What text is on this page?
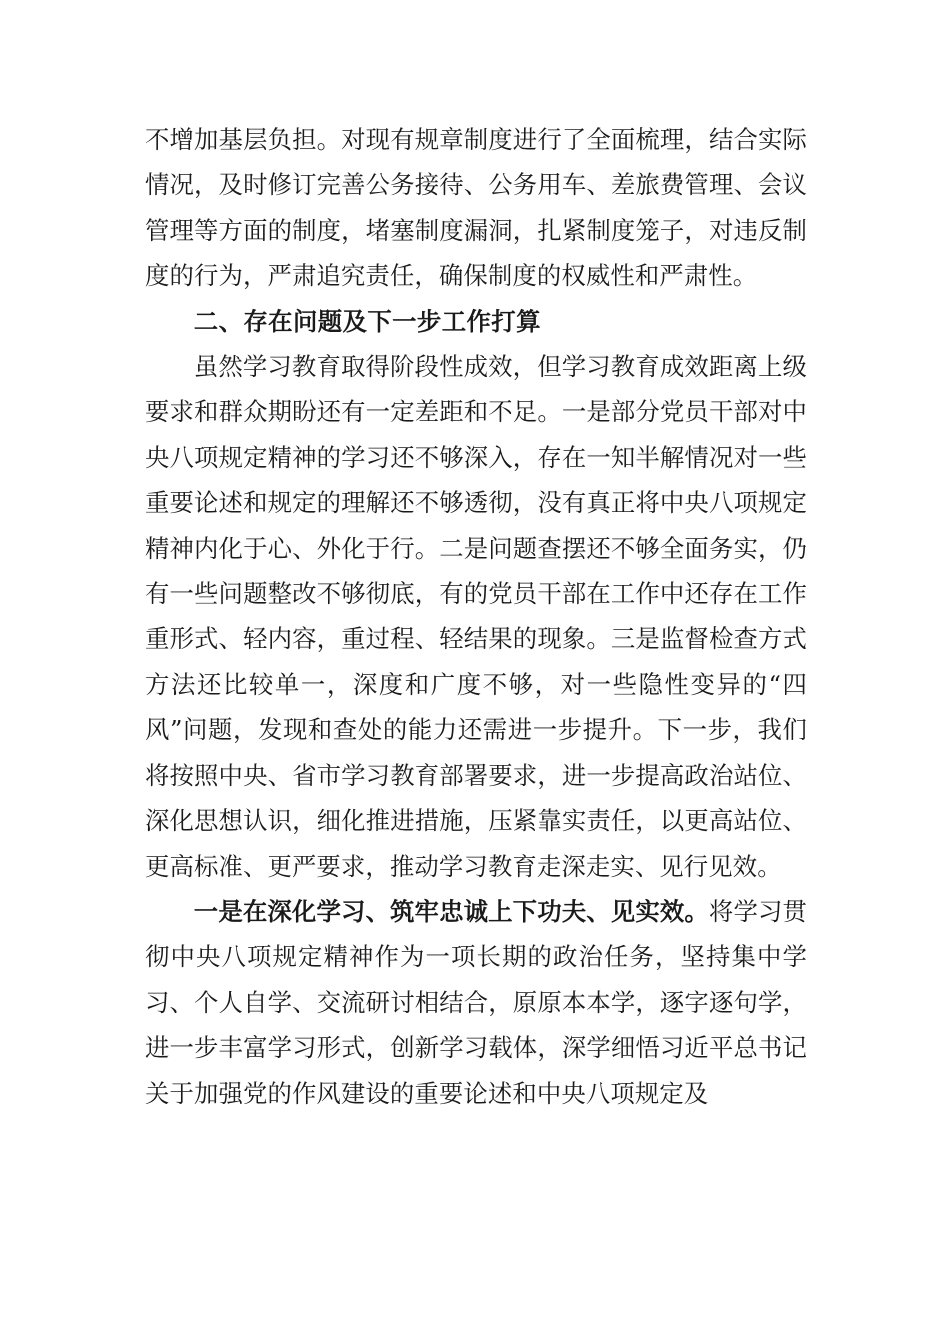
不增加基层负担。对现有规章制度进行了全面梳理，结合实际情况，及时修订完善公务接待、公务用车、差旅费管理、会议管理等方面的制度，堵塞制度漏洞，扎紧制度笼子，对违反制度的行为，严肃追究责任，确保制度的权威性和严肃性。

二、存在问题及下一步工作打算

虽然学习教育取得阶段性成效，但学习教育成效距离上级要求和群众期盼还有一定差距和不足。一是部分党员干部对中央八项规定精神的学习还不够深入，存在一知半解情况对一些重要论述和规定的理解还不够透彻，没有真正将中央八项规定精神内化于心、外化于行。二是问题查摆还不够全面务实，仍有一些问题整改不够彻底，有的党员干部在工作中还存在工作重形式、轻内容，重过程、轻结果的现象。三是监督检查方式方法还比较单一，深度和广度不够，对一些隐性变异的“四风”问题，发现和查处的能力还需进一步提升。下一步，我们将按照中央、省市学习教育部署要求，进一步提高政治站位、深化思想认识，细化推进措施，压紧靠实责任，以更高站位、更高标准、更严要求，推动学习教育走深走实、见行见效。

一是在深化学习、筑牢忠诚上下功夫、见实效。将学习贯彻中央八项规定精神作为一项长期的政治任务，坚持集中学习、个人自学、交流研讨相结合，原原本本学，逐字逐句学，进一步丰富学习形式，创新学习载体，深学细悟习近平总书记关于加强党的作风建设的重要论述和中央八项规定及
